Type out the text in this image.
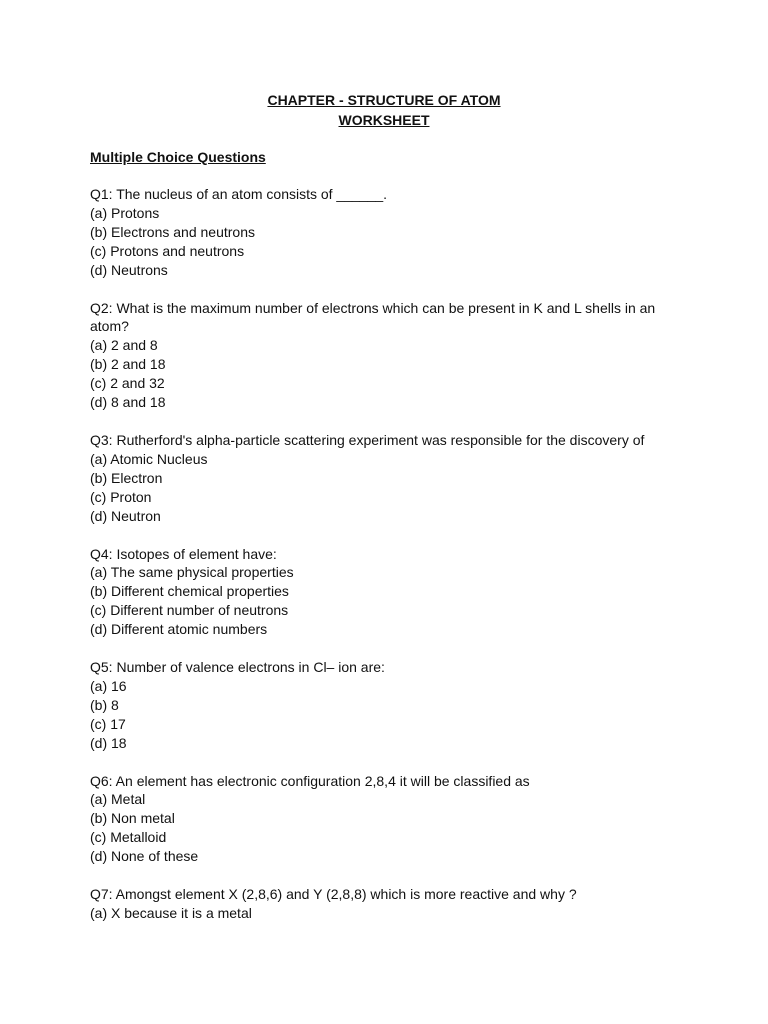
CHAPTER - STRUCTURE OF ATOM
WORKSHEET
Multiple Choice Questions
Q1: The nucleus of an atom consists of ______.
(a) Protons
(b) Electrons and neutrons
(c) Protons and neutrons
(d) Neutrons
Q2: What is the maximum number of electrons which can be present in K and L shells in an
atom?
(a) 2 and 8
(b) 2 and 18
(c) 2 and 32
(d) 8 and 18
Q3: Rutherford's alpha-particle scattering experiment was responsible for the discovery of
(a) Atomic Nucleus
(b) Electron
(c) Proton
(d) Neutron
Q4: Isotopes of element have:
(a) The same physical properties
(b) Different chemical properties
(c) Different number of neutrons
(d) Different atomic numbers
Q5: Number of valence electrons in Cl– ion are:
(a) 16
(b) 8
(c) 17
(d) 18
Q6: An element has electronic configuration 2,8,4 it will be classified as
(a) Metal
(b) Non metal
(c) Metalloid
(d) None of these
Q7: Amongst element X (2,8,6) and Y (2,8,8) which is more reactive and why ?
(a) X because it is a metal
